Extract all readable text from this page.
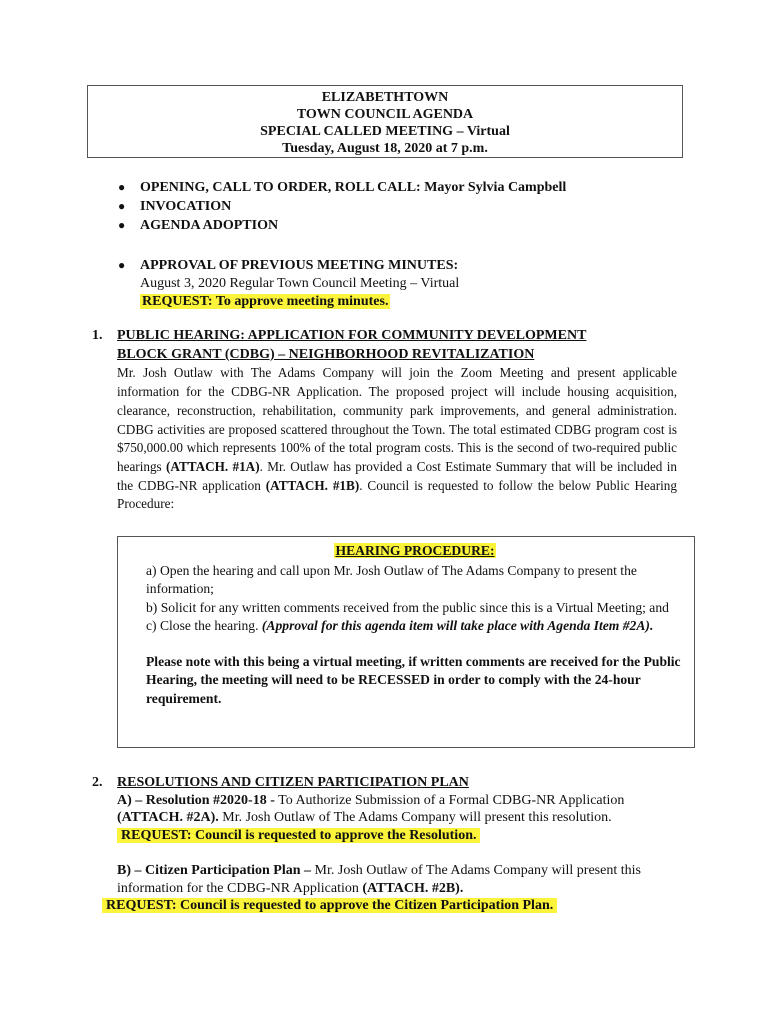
ELIZABETHTOWN
TOWN COUNCIL AGENDA
SPECIAL CALLED MEETING – Virtual
Tuesday, August 18, 2020 at 7 p.m.
●	OPENING, CALL TO ORDER, ROLL CALL: Mayor Sylvia Campbell
●	INVOCATION
●	AGENDA ADOPTION
●	APPROVAL OF PREVIOUS MEETING MINUTES:
August 3, 2020 Regular Town Council Meeting – Virtual
REQUEST: To approve meeting minutes.
1. PUBLIC HEARING: APPLICATION FOR COMMUNITY DEVELOPMENT
BLOCK GRANT (CDBG) – NEIGHBORHOOD REVITALIZATION

Mr. Josh Outlaw with The Adams Company will join the Zoom Meeting and present applicable information for the CDBG-NR Application. The proposed project will include housing acquisition, clearance, reconstruction, rehabilitation, community park improvements, and general administration. CDBG activities are proposed scattered throughout the Town. The total estimated CDBG program cost is $750,000.00 which represents 100% of the total program costs. This is the second of two-required public hearings (ATTACH. #1A). Mr. Outlaw has provided a Cost Estimate Summary that will be included in the CDBG-NR application (ATTACH. #1B). Council is requested to follow the below Public Hearing Procedure:

HEARING PROCEDURE:

a) Open the hearing and call upon Mr. Josh Outlaw of The Adams Company to present the information;

b) Solicit for any written comments received from the public since this is a Virtual Meeting; and

c) Close the hearing. (Approval for this agenda item will take place with Agenda Item #2A).

Please note with this being a virtual meeting, if written comments are received for the Public Hearing, the meeting will need to be RECESSED in order to comply with the 24-hour requirement.

2. RESOLUTIONS AND CITIZEN PARTICIPATION PLAN
A) – Resolution #2020-18 - To Authorize Submission of a Formal CDBG-NR Application
(ATTACH. #2A). Mr. Josh Outlaw of The Adams Company will present this resolution.
REQUEST: Council is requested to approve the Resolution.
B) – Citizen Participation Plan – Mr. Josh Outlaw of The Adams Company will present this
information for the CDBG-NR Application (ATTACH. #2B).
REQUEST: Council is requested to approve the Citizen Participation Plan.
